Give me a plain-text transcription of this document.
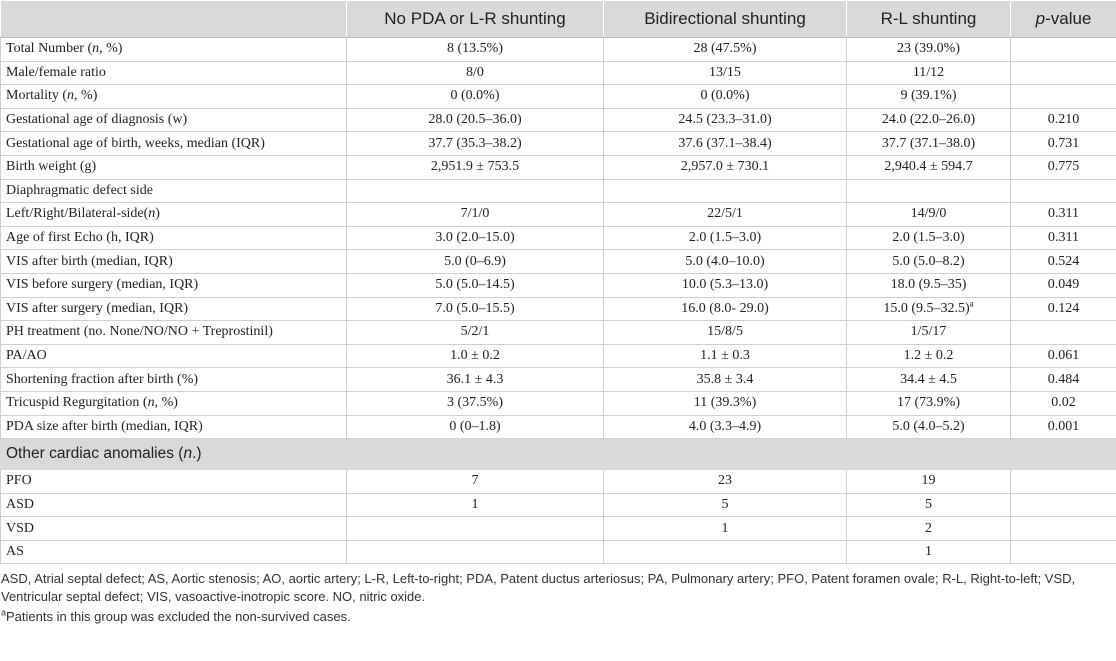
	No PDA or L-R shunting	Bidirectional shunting	R-L shunting	p-value
Total Number (n, %)	8 (13.5%)	28 (47.5%)	23 (39.0%)	
Male/female ratio	8/0	13/15	11/12	
Mortality (n, %)	0 (0.0%)	0 (0.0%)	9 (39.1%)	
Gestational age of diagnosis (w)	28.0 (20.5–36.0)	24.5 (23.3–31.0)	24.0 (22.0–26.0)	0.210
Gestational age of birth, weeks, median (IQR)	37.7 (35.3–38.2)	37.6 (37.1–38.4)	37.7 (37.1–38.0)	0.731
Birth weight (g)	2,951.9 ± 753.5	2,957.0 ± 730.1	2,940.4 ± 594.7	0.775
Diaphragmatic defect side				
Left/Right/Bilateral-side(n)	7/1/0	22/5/1	14/9/0	0.311
Age of first Echo (h, IQR)	3.0 (2.0–15.0)	2.0 (1.5–3.0)	2.0 (1.5–3.0)	0.311
VIS after birth (median, IQR)	5.0 (0–6.9)	5.0 (4.0–10.0)	5.0 (5.0–8.2)	0.524
VIS before surgery (median, IQR)	5.0 (5.0–14.5)	10.0 (5.3–13.0)	18.0 (9.5–35)	0.049
VIS after surgery (median, IQR)	7.0 (5.0–15.5)	16.0 (8.0- 29.0)	15.0 $(9.5-32.5)^a$	0.124
PH treatment (no. None/NO/NO + Treprostinil)	5/2/1	15/8/5	1/5/17	
PA/AO	1.0 ± 0.2	1.1 ± 0.3	1.2 ± 0.2	0.061
Shortening fraction after birth (%)	36.1 ± 4.3	35.8 ± 3.4	34.4 ± 4.5	0.484
Tricuspid Regurgitation (n, %)	3 (37.5%)	11 (39.3%)	17 (73.9%)	0.02
PDA size after birth (median, IQR)	0 (0–1.8)	4.0 (3.3–4.9)	5.0 (4.0–5.2)	0.001
Other cardiac anomalies (n.)				
PFO	7	23	19	
ASD	1	5	5	
VSD		1	2	
AS			1	

ASD, Atrial septal defect; AS, Aortic stenosis; AO, aortic artery; L-R, Left-to-right; PDA, Patent ductus arteriosus; PA, Pulmonary artery; PFO, Patent foramen ovale; R-L, Right-to-left; VSD, Ventricular septal defect; VIS, vasoactive-inotropic score. NO, nitric oxide.

$^a$Patients in this group was excluded the non-survived cases.
